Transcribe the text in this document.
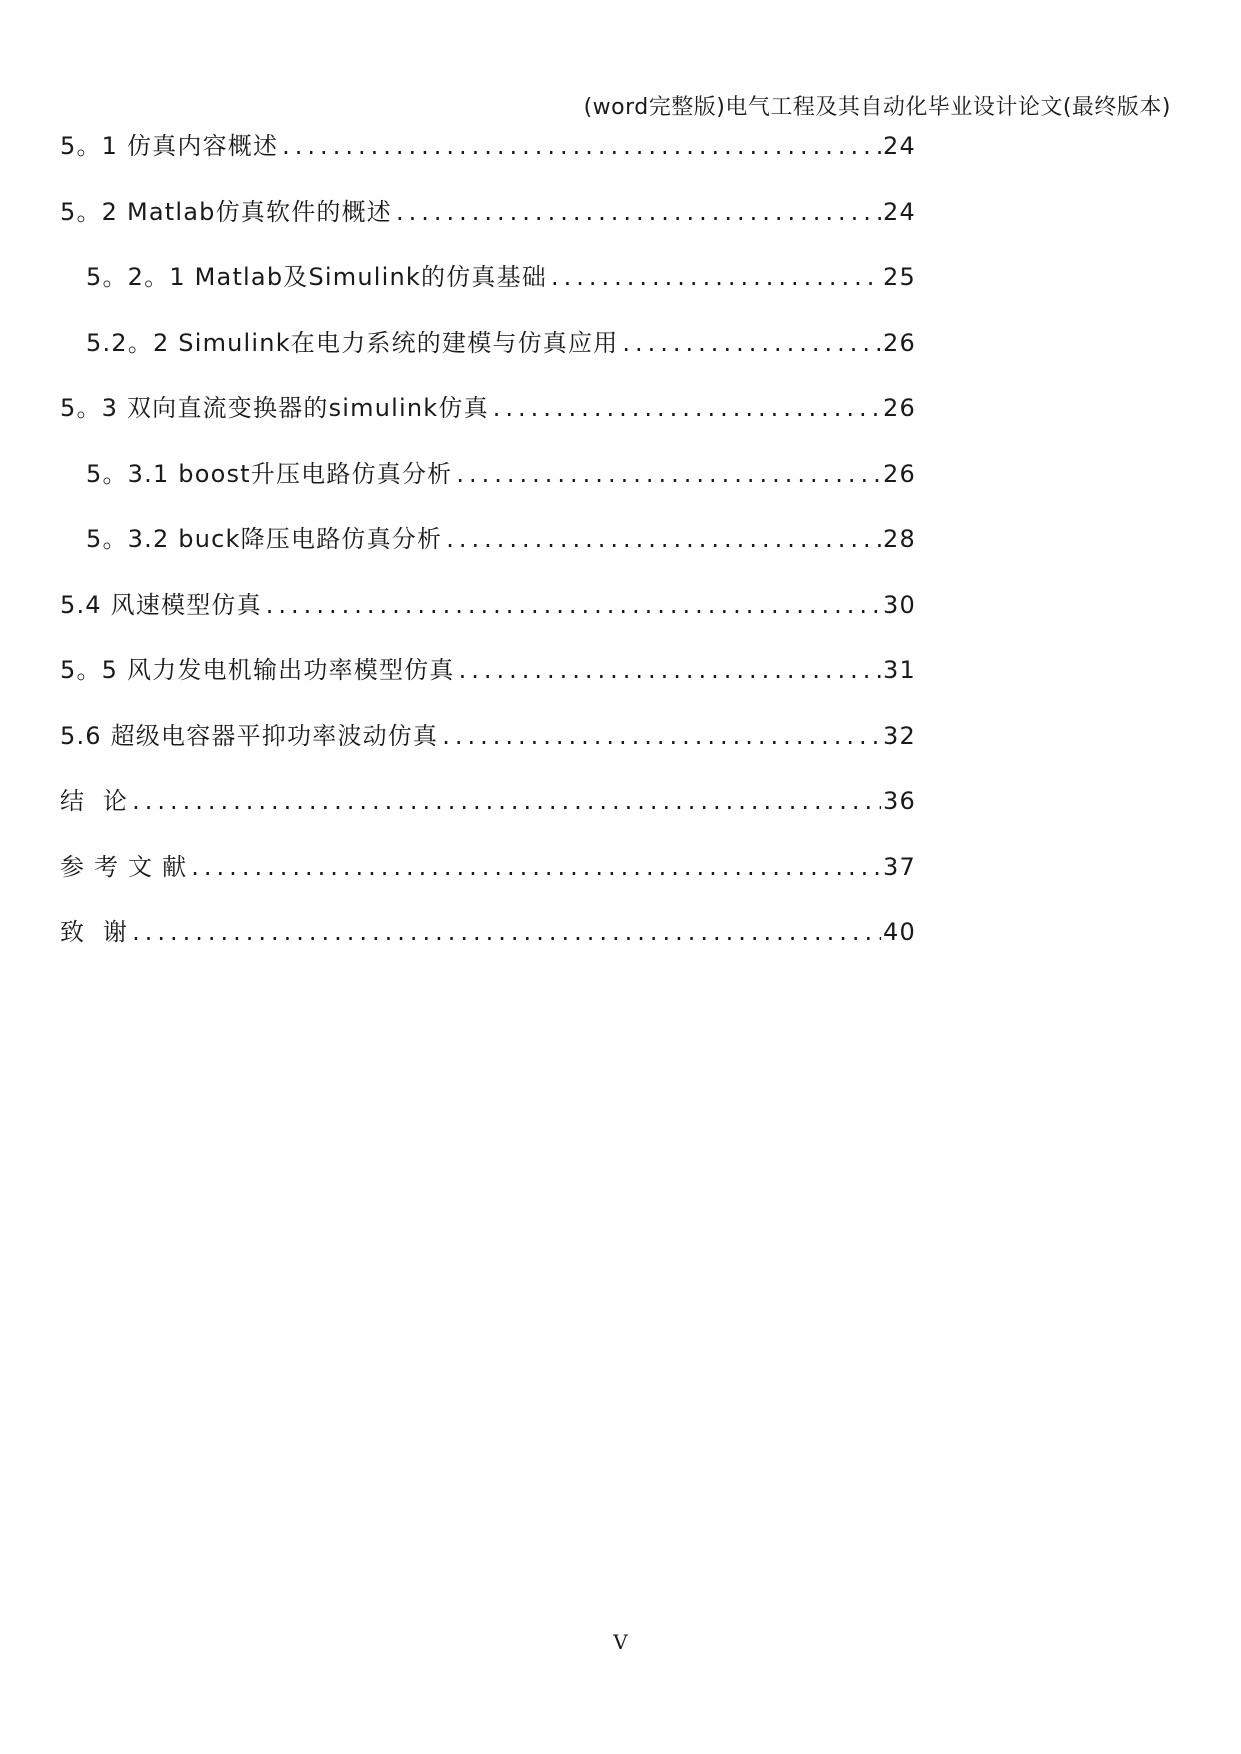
(word完整版)电气工程及其自动化毕业设计论文(最终版本)
5。1 仿真内容概述 .....	24
5。2 Matlab仿真软件的概述 .....	24
5。2。1 Matlab及Simulink的仿真基础 .....	25
5.2。2 Simulink在电力系统的建模与仿真应用 .....	26
5。3 双向直流变换器的simulink仿真 .....	26
5。3.1 boost升压电路仿真分析 .....	26
5。3.2 buck降压电路仿真分析 .....	28
5.4 风速模型仿真 .....	30
5。5 风力发电机输出功率模型仿真 .....	31
5.6 超级电容器平抑功率波动仿真 .....	32
结  论 .....	36
参 考 文 献 .....	37
致  谢 .....	40
V
